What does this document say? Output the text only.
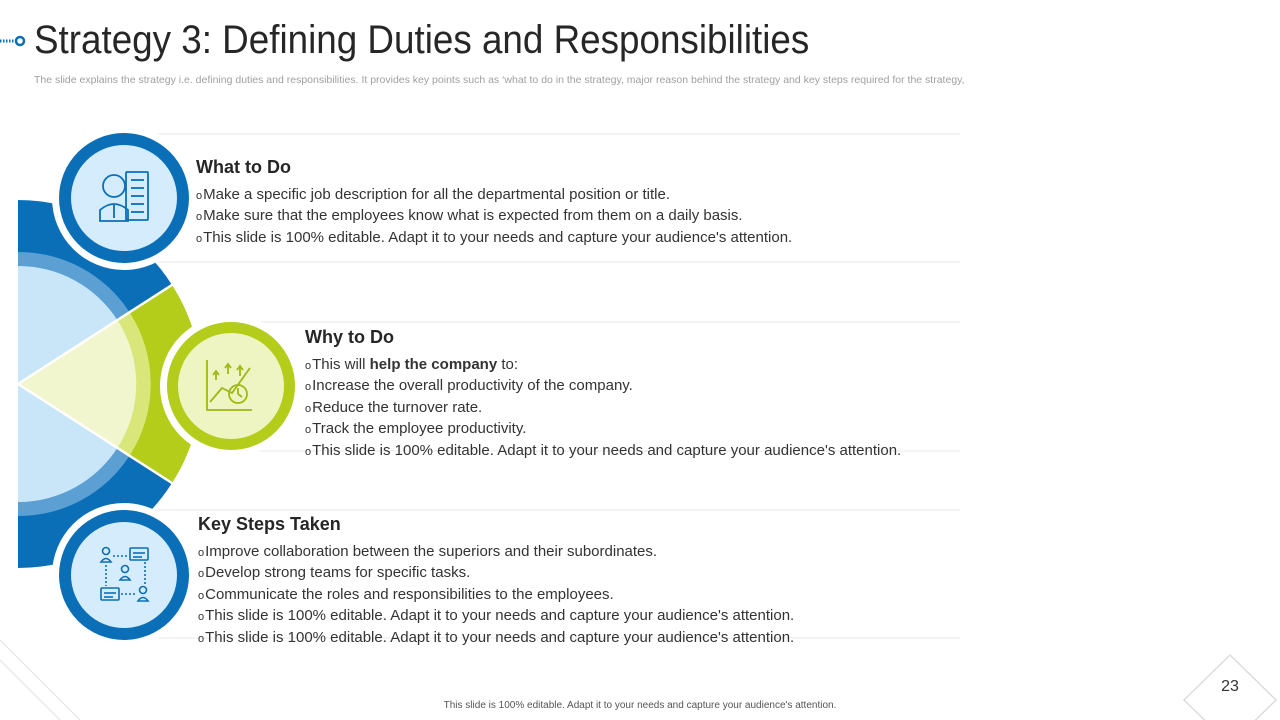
Strategy 3: Defining Duties and Responsibilities
The slide explains the strategy i.e. defining duties and responsibilities. It provides key points such as ‘what to do in the strategy, major reason behind the strategy and key steps required for the strategy,
What to Do
oMake a specific job description for all the departmental position or title.
oMake sure that the employees know what is expected from them on a daily basis.
oThis slide is 100% editable. Adapt it to your needs and capture your audience's attention.
Why to Do
oThis will help the company to:
oIncrease the overall productivity of the company.
oReduce the turnover rate.
oTrack the employee productivity.
oThis slide is 100% editable. Adapt it to your needs and capture your audience's attention.
Key Steps Taken
oImprove collaboration between the superiors and their subordinates.
oDevelop strong teams for specific tasks.
oCommunicate the roles and responsibilities to the employees.
oThis slide is 100% editable. Adapt it to your needs and capture your audience's attention.
oThis slide is 100% editable. Adapt it to your needs and capture your audience's attention.
This slide is 100% editable. Adapt it to your needs and capture your audience's attention.
23
